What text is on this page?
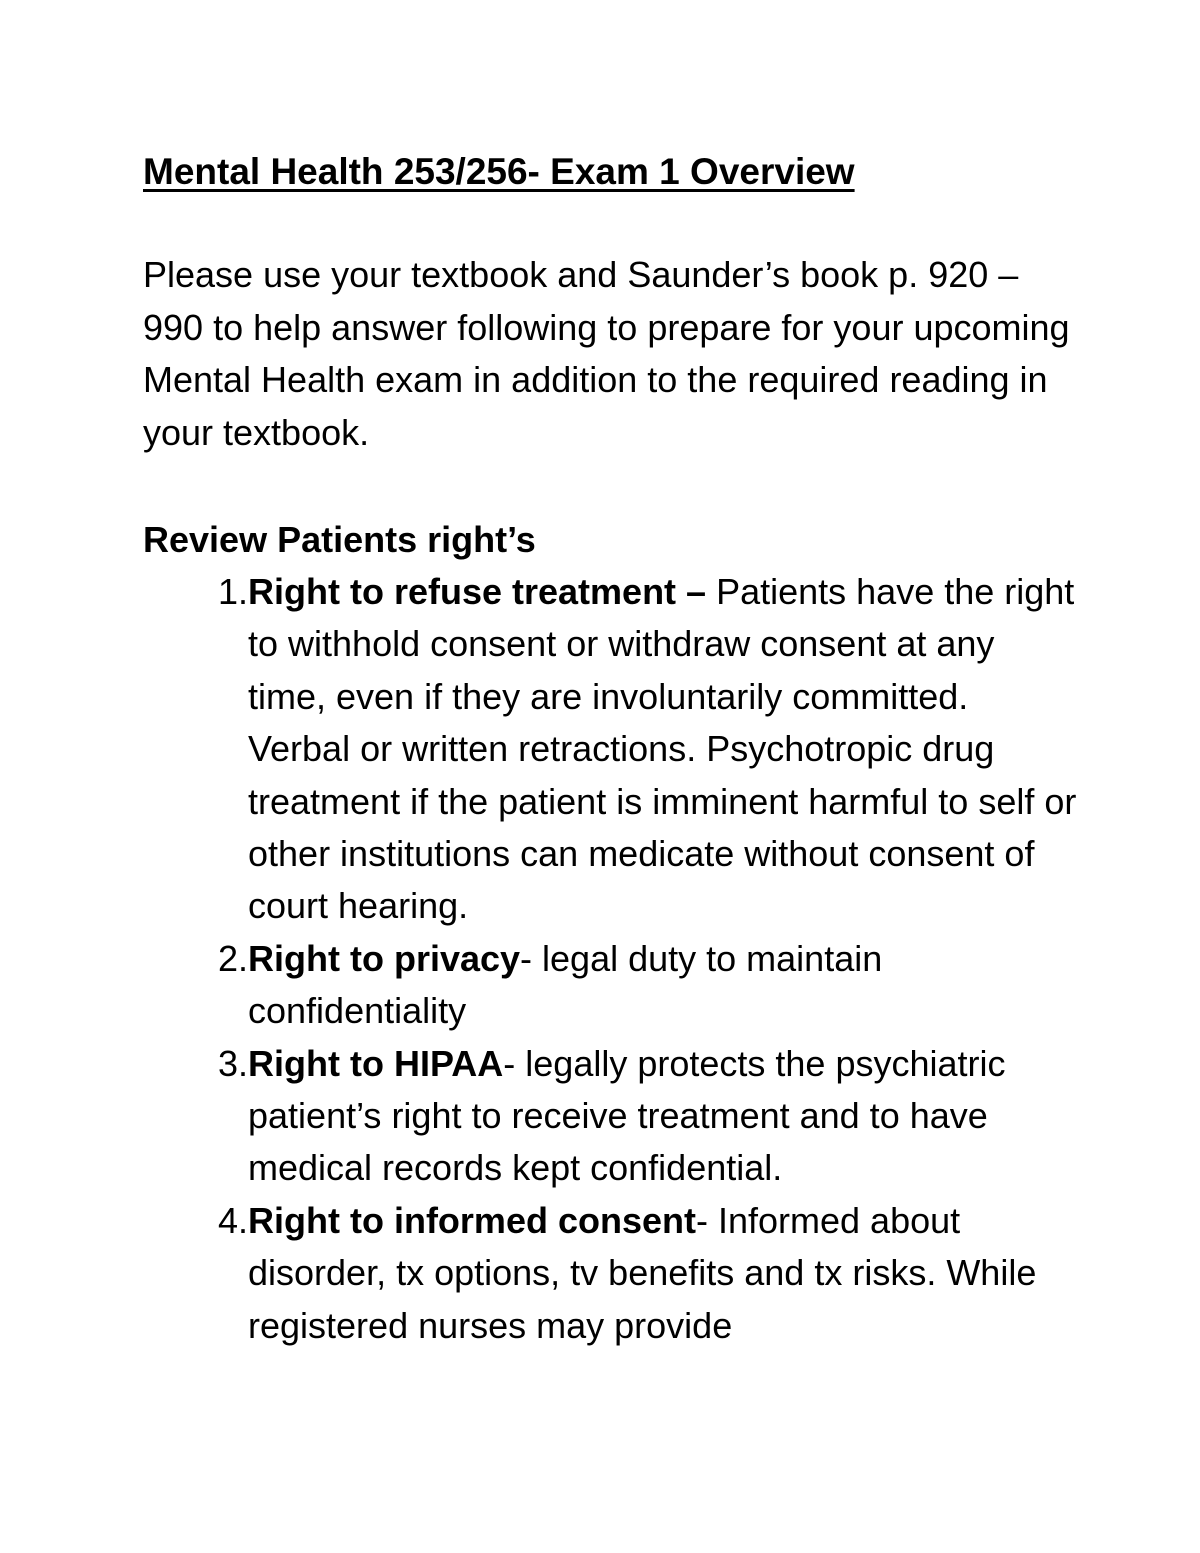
Mental Health 253/256- Exam 1 Overview

Please use your textbook and Saunder’s book p. 920 – 990 to help answer following to prepare for your upcoming Mental Health exam in addition to the required reading in your textbook.

Review Patients right’s
1. Right to refuse treatment – Patients have the right to withhold consent or withdraw consent at any time, even if they are involuntarily committed. Verbal or written retractions. Psychotropic drug treatment if the patient is imminent harmful to self or other institutions can medicate without consent of court hearing.
2. Right to privacy- legal duty to maintain confidentiality
3. Right to HIPAA- legally protects the psychiatric patient’s right to receive treatment and to have medical records kept confidential.
4. Right to informed consent- Informed about disorder, tx options, tv benefits and tx risks. While registered nurses may provide
